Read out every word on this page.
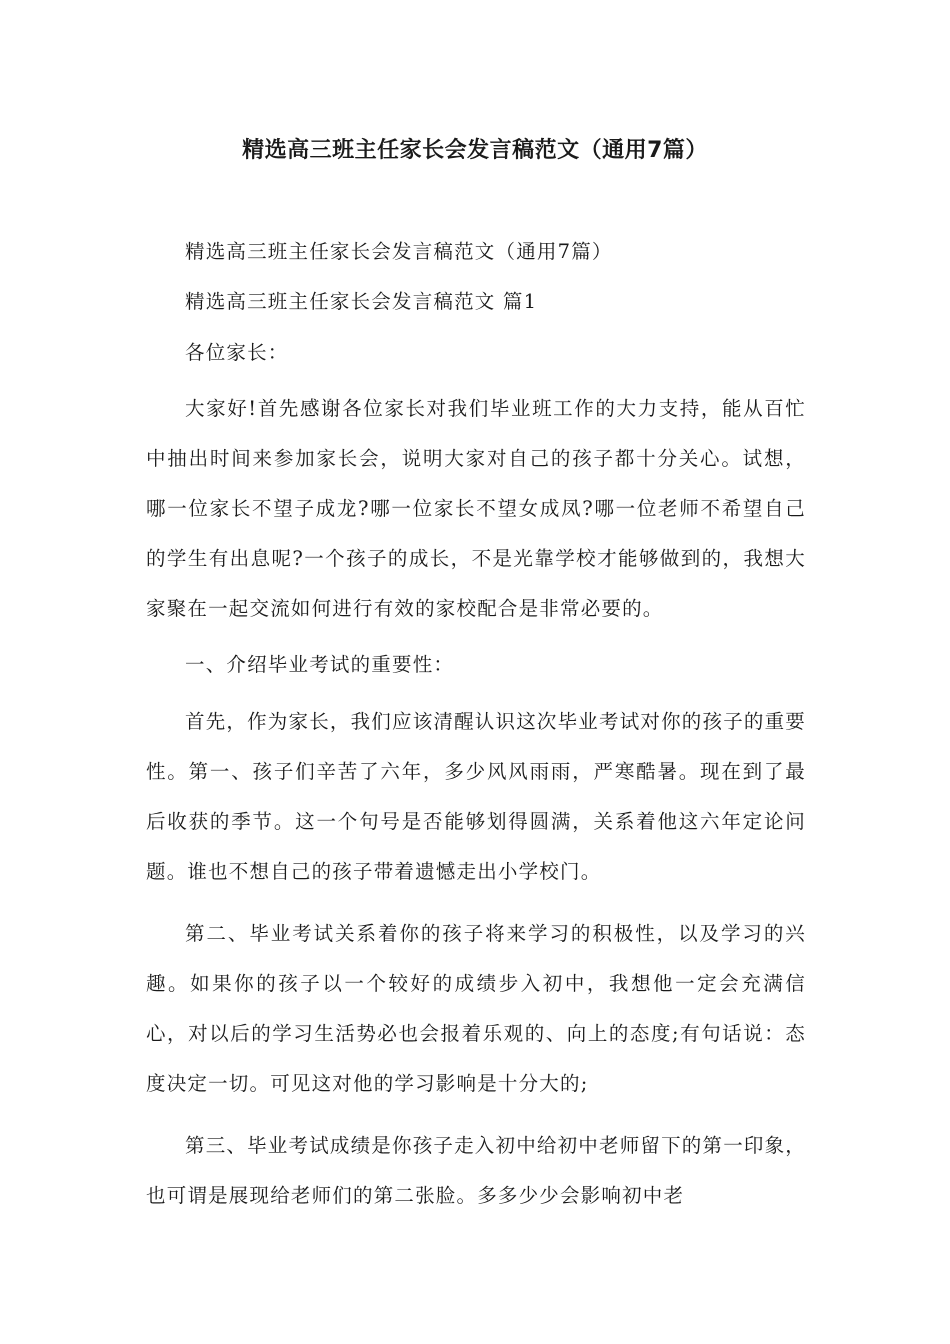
精选高三班主任家长会发言稿范文（通用7篇）

精选高三班主任家长会发言稿范文（通用7篇）

精选高三班主任家长会发言稿范文 篇1

各位家长：

大家好!首先感谢各位家长对我们毕业班工作的大力支持，能从百忙中抽出时间来参加家长会，说明大家对自己的孩子都十分关心。试想，哪一位家长不望子成龙?哪一位家长不望女成凤?哪一位老师不希望自己的学生有出息呢?一个孩子的成长，不是光靠学校才能够做到的，我想大家聚在一起交流如何进行有效的家校配合是非常必要的。

一、介绍毕业考试的重要性：

首先，作为家长，我们应该清醒认识这次毕业考试对你的孩子的重要性。第一、孩子们辛苦了六年，多少风风雨雨，严寒酷暑。现在到了最后收获的季节。这一个句号是否能够划得圆满，关系着他这六年定论问题。谁也不想自己的孩子带着遗憾走出小学校门。

第二、毕业考试关系着你的孩子将来学习的积极性，以及学习的兴趣。如果你的孩子以一个较好的成绩步入初中，我想他一定会充满信心，对以后的学习生活势必也会报着乐观的、向上的态度;有句话说：态度决定一切。可见这对他的学习影响是十分大的;

第三、毕业考试成绩是你孩子走入初中给初中老师留下的第一印象，也可谓是展现给老师们的第二张脸。多多少少会影响初中老
